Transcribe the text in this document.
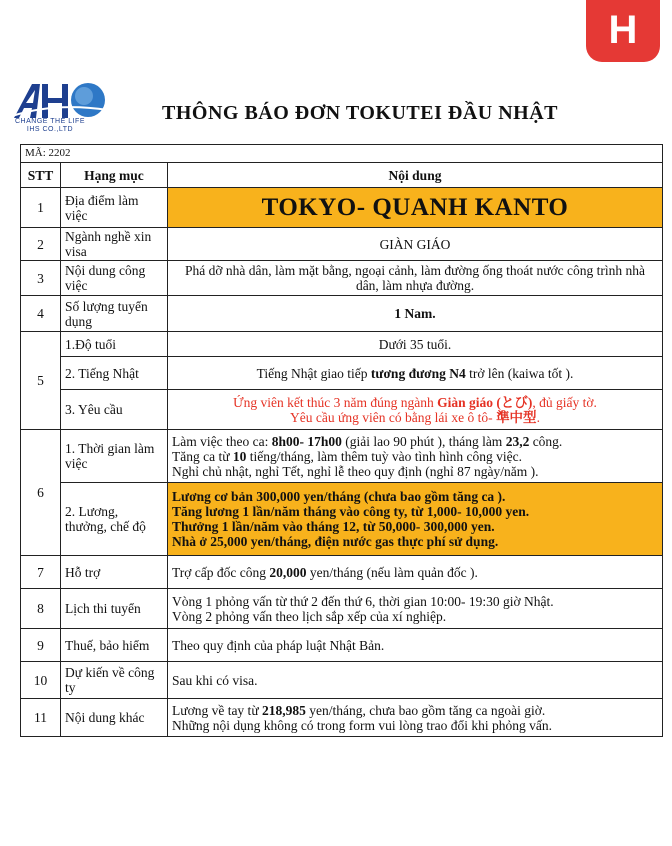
H
CHANGE THE LIFE
IHS CO.,LTD
THÔNG BÁO ĐƠN TOKUTEI ĐẦU NHẬT
MÃ: 2202		
STT	Hạng mục	Nội dung
1	Địa điểm làm việc	TOKYO- QUANH KANTO
2	Ngành nghề xin visa	GIÀN GIÁO
3	Nội dung công việc	Phá dỡ nhà dân, làm mặt bằng, ngoại cảnh, làm đường ống thoát nước công trình nhà dân, làm nhựa đường.
4	Số lượng tuyển dụng	1 Nam.
5	1.Độ tuổi	Dưới 35 tuổi.
	2. Tiếng Nhật	Tiếng Nhật giao tiếp tương đương N4 trở lên (kaiwa tốt ).
	3. Yêu cầu	Ứng viên kết thúc 3 năm đúng ngành Giàn giáo (とび), đủ giấy tờ.
Yêu cầu ứng viên có bằng lái xe ô tô- 準中型.

6	1. Thời gian làm việc	Làm việc theo ca: 8h00- 17h00 (giải lao 90 phút ), tháng làm 23,2 công.
Tăng ca từ 10 tiếng/tháng, làm thêm tuỳ vào tình hình công việc.
Nghỉ chủ nhật, nghỉ Tết, nghỉ lễ theo quy định (nghỉ 87 ngày/năm ).

	2. Lương, thưởng, chế độ	Lương cơ bản 300,000 yen/tháng (chưa bao gồm tăng ca ).
Tăng lương 1 lần/năm tháng vào công ty, từ 1,000- 10,000 yen.
Thưởng 1 lần/năm vào tháng 12, từ 50,000- 300,000 yen.
Nhà ở 25,000 yen/tháng, điện nước gas thực phí sử dụng.

7	Hỗ trợ	Trợ cấp đốc công 20,000 yen/tháng (nếu làm quản đốc ).
8	Lịch thi tuyển	Vòng 1 phỏng vấn từ thứ 2 đến thứ 6, thời gian 10:00- 19:30 giờ Nhật.
Vòng 2 phỏng vấn theo lịch sắp xếp của xí nghiệp.

9	Thuế, bảo hiểm	Theo quy định của pháp luật Nhật Bản.
10	Dự kiến về công ty	Sau khi có visa.
11	Nội dung khác	Lương về tay từ 218,985 yen/tháng, chưa bao gồm tăng ca ngoài giờ.
Những nội dụng không có trong form vui lòng trao đổi khi phỏng vấn.
